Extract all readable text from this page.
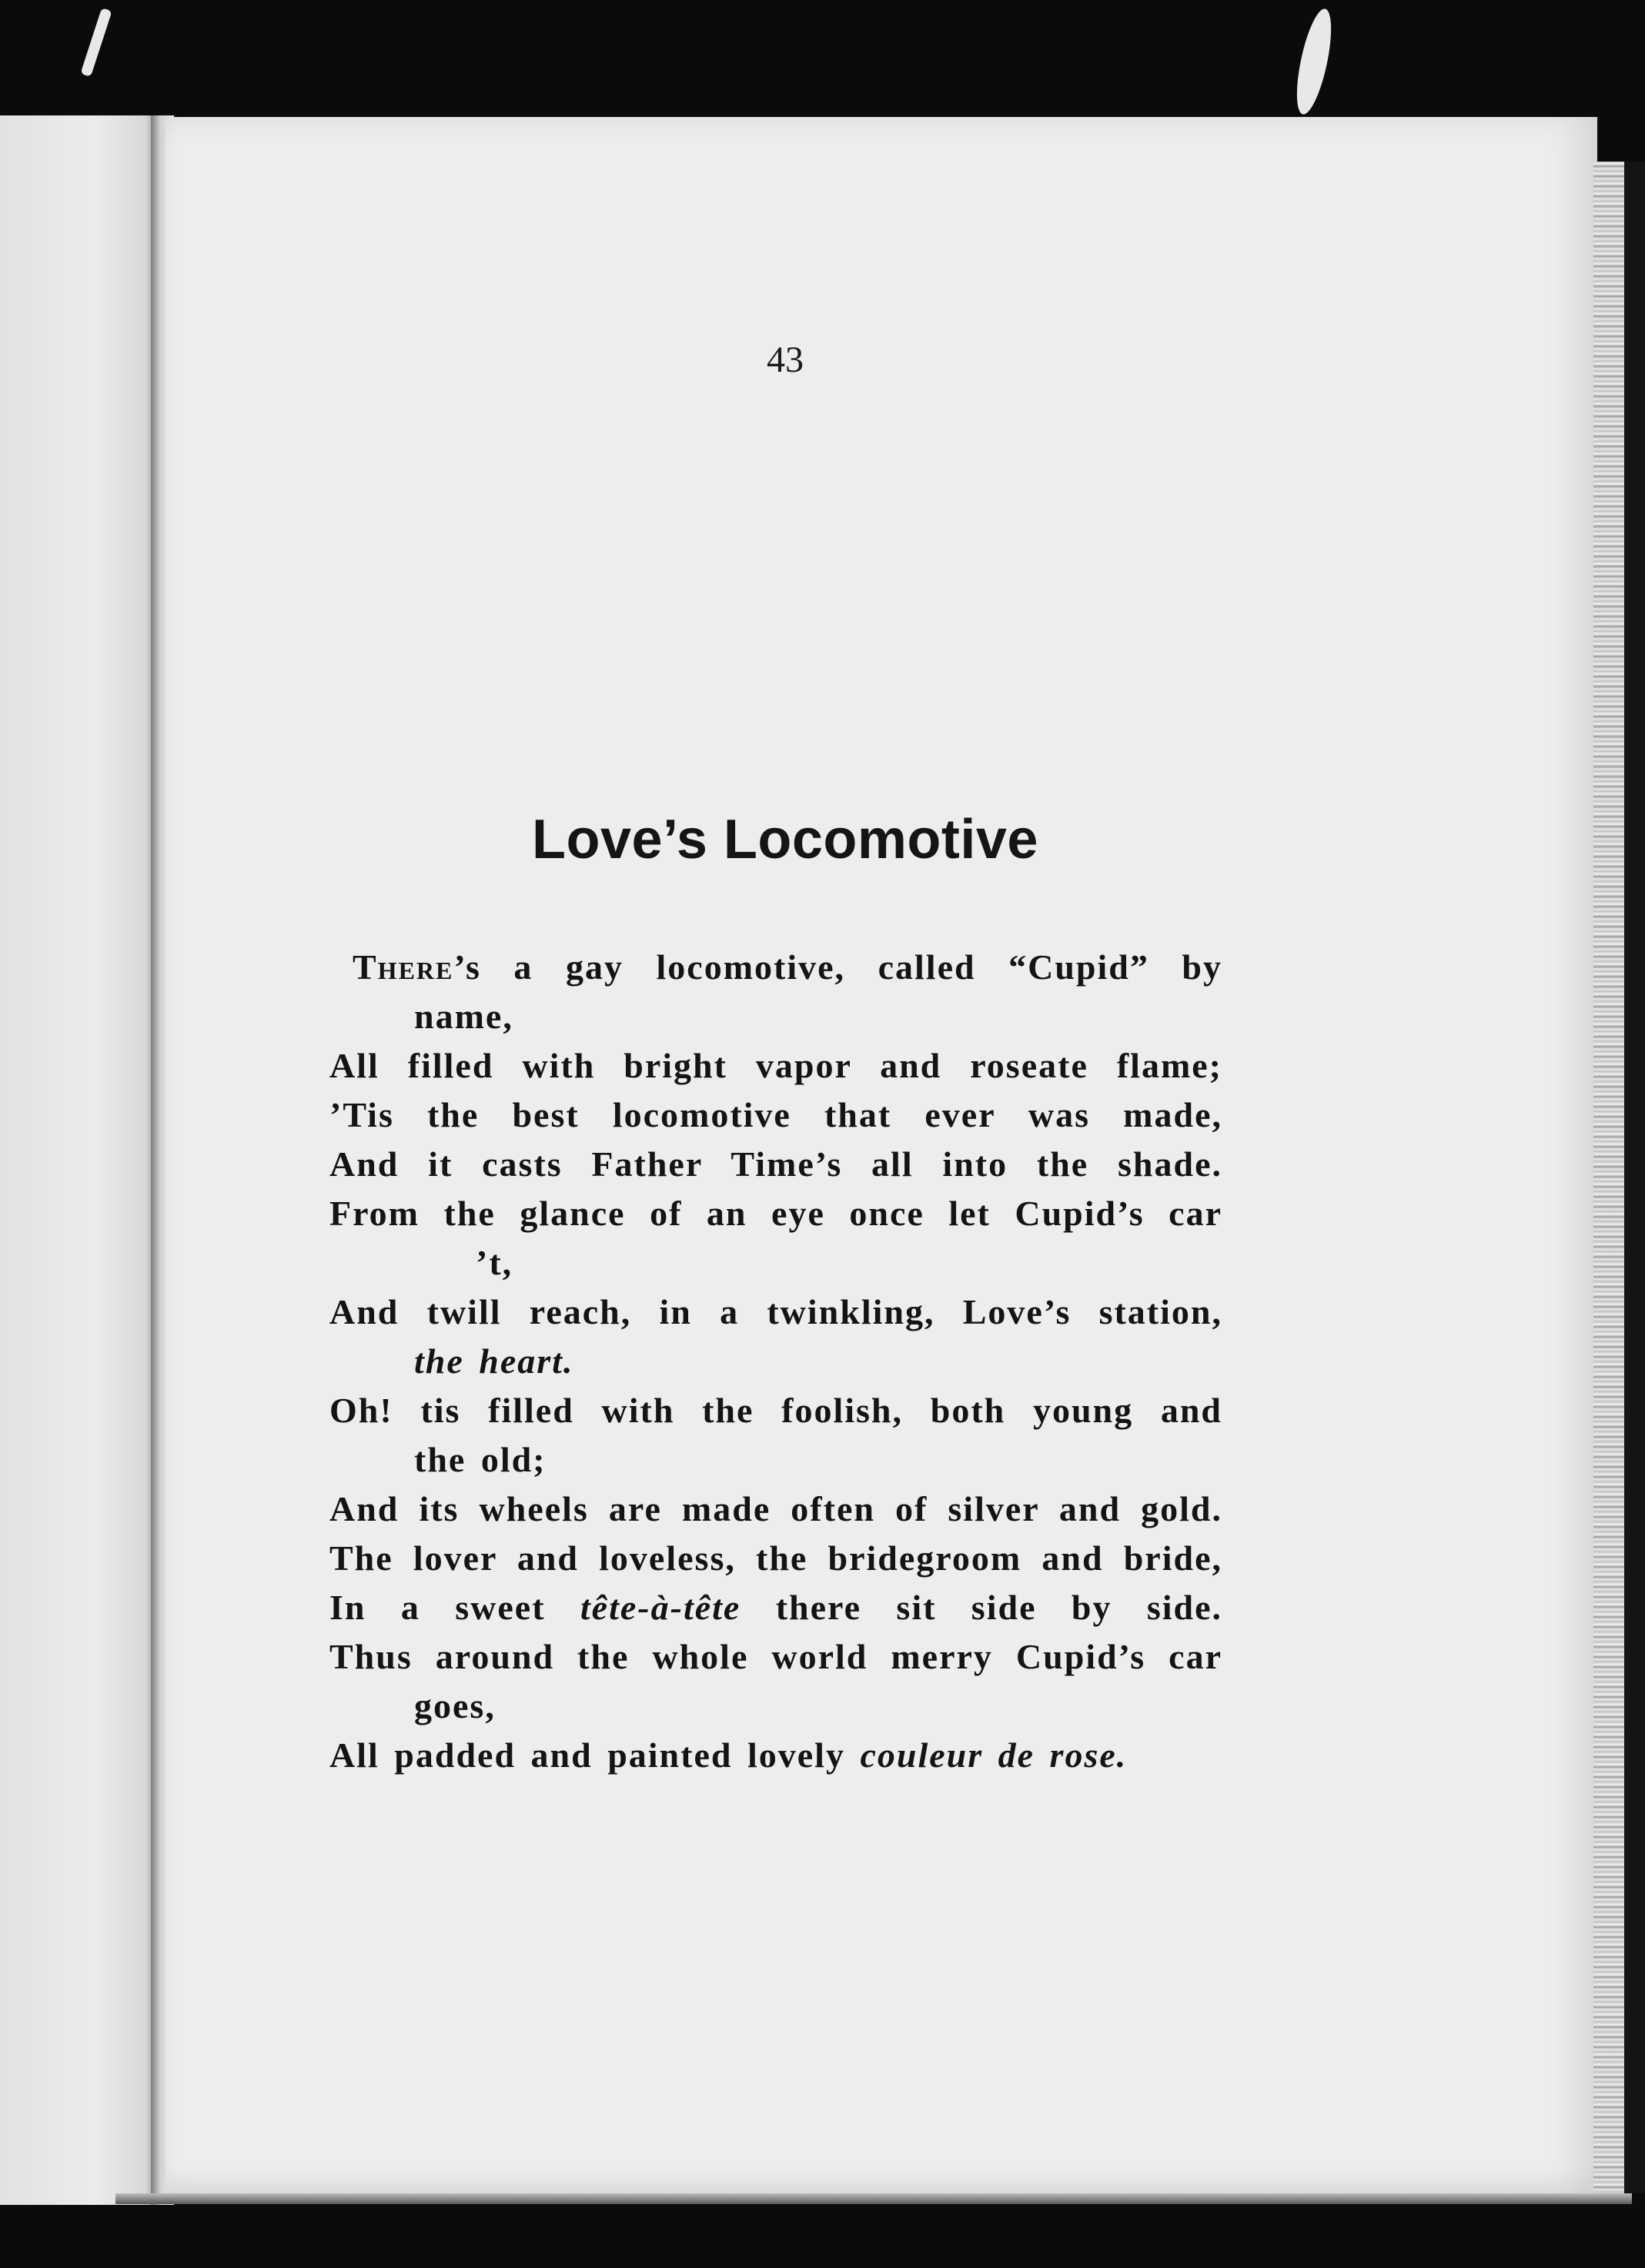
43
Love’s Locomotive
There’s a gay locomotive, called “Cupid” by
name,
All filled with bright vapor and roseate flame;
’Tis the best locomotive that ever was made,
And it casts Father Time’s all into the shade.
From the glance of an eye once let Cupid’s car
’t,
And twill reach, in a twinkling, Love’s station,
the heart.
Oh! tis filled with the foolish, both young and
the old;
And its wheels are made often of silver and gold.
The lover and loveless, the bridegroom and bride,
In a sweet tête-à-tête there sit side by side.
Thus around the whole world merry Cupid’s car
goes,
All padded and painted lovely couleur de rose.
